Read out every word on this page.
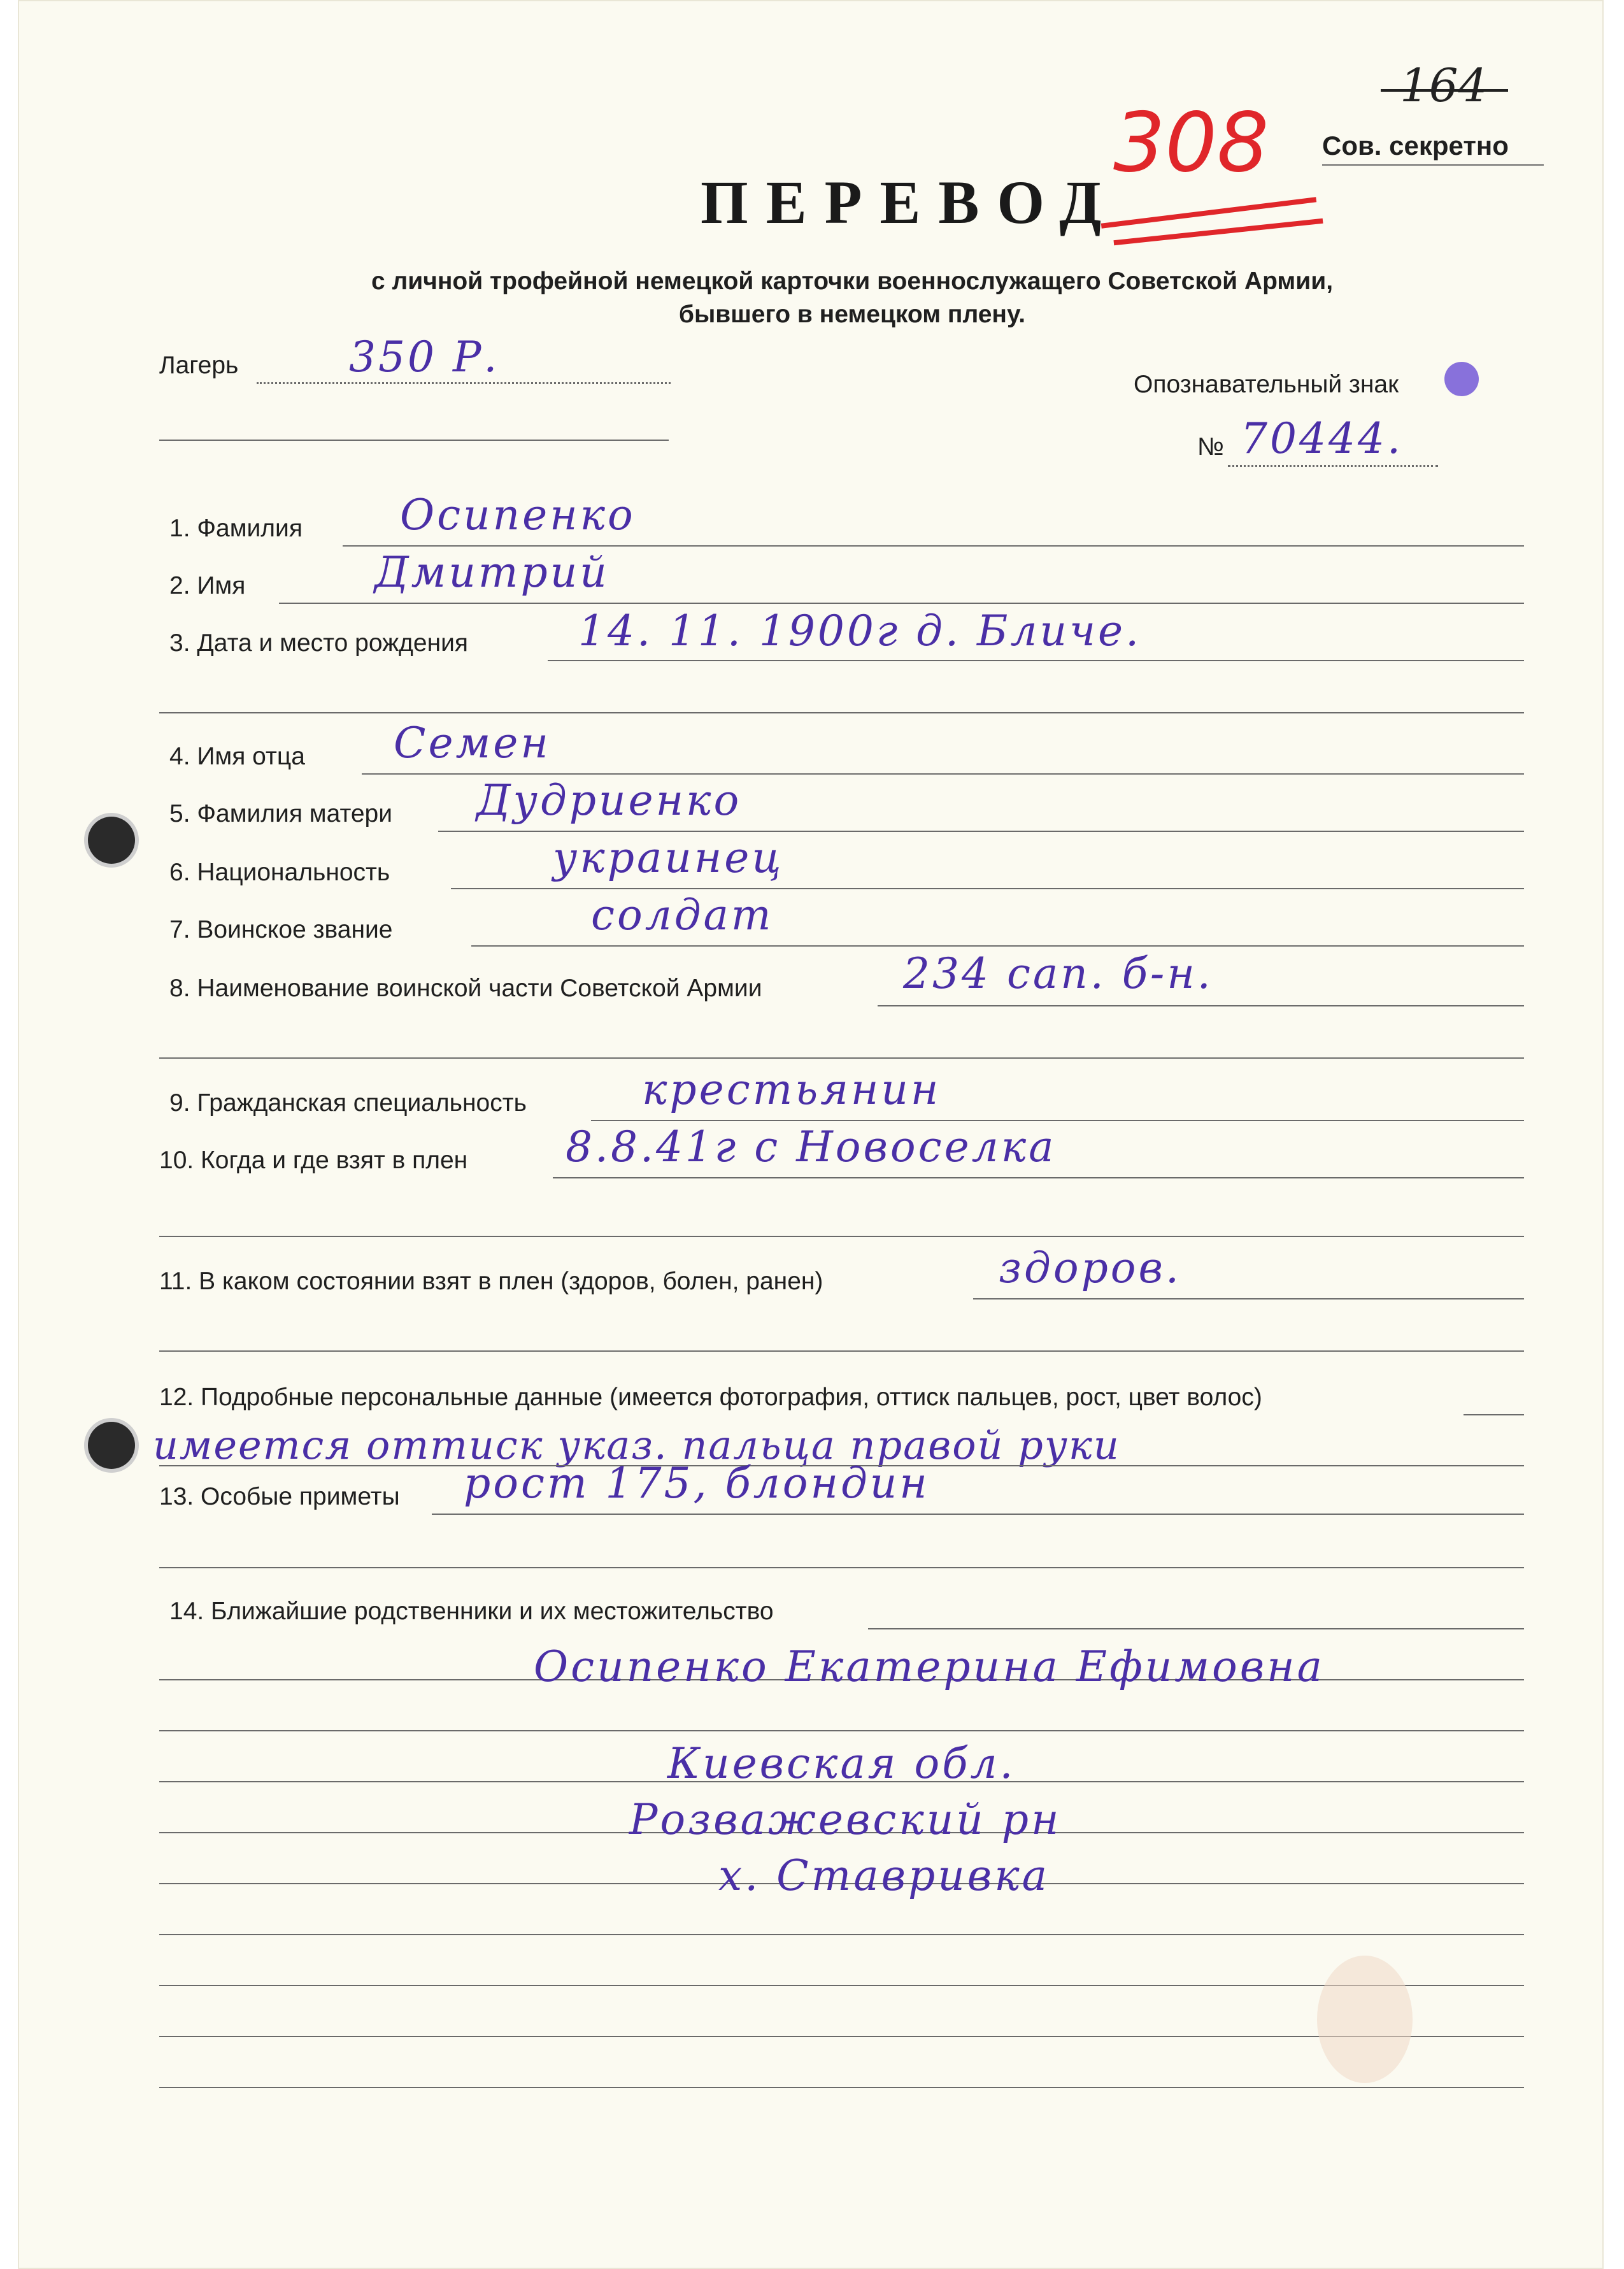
164
308 Сов. секретно
ПЕРЕВОД
с личной трофейной немецкой карточки военнослужащего Советской Армии,
бывшего в немецком плену.
Лагерь	350 Р.
Опознавательный знак
№ 70444.
1. Фамилия Осипенко
2. Имя	Дмитрий
3. Дата и место рождения	14. 11. 1900г д. Бличе.
4. Имя отца Семен
5. Фамилия матери Дудриенко
6. Национальность	украинец
7. Воинское звание	солдат
8. Наименование воинской части Советской Армии	234 сап. б-н.
9. Гражданская специальность	крестьянин
10. Когда и где взят в плен 8.8.41г с Новоселка
11. В каком состоянии взят в плен (здоров, болен, ранен)	здоров.
12. Подробные персональные данные (имеется фотография, оттиск пальцев, рост, цвет волос)
имеется оттиск указ. пальца правой руки
13. Особые приметы рост 175, блондин
14. Ближайшие родственники и их местожительство
Осипенко Екатерина Ефимовна
Киевская обл.
Розважевский рн
х. Ставривка
